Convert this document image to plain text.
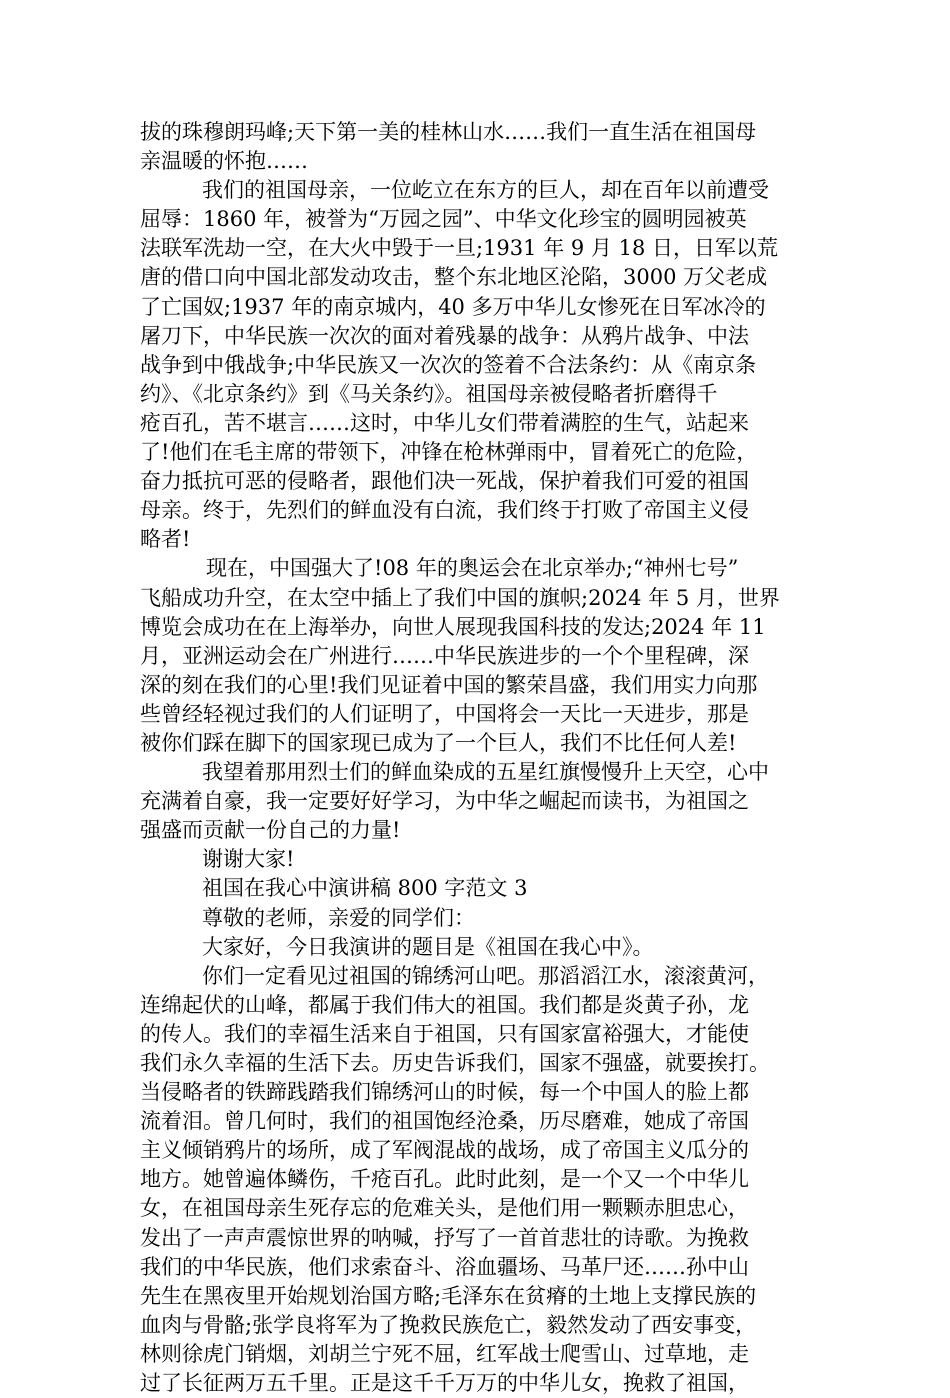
拔的珠穆朗玛峰;天下第一美的桂林山水……我们一直生活在祖国母
亲温暖的怀抱……
我们的祖国母亲，一位屹立在东方的巨人，却在百年以前遭受
屈辱：1860 年，被誉为“万园之园”、中华文化珍宝的圆明园被英
法联军洗劫一空，在大火中毁于一旦;1931 年 9 月 18 日，日军以荒
唐的借口向中国北部发动攻击，整个东北地区沦陷，3000 万父老成
了亡国奴;1937 年的南京城内，40 多万中华儿女惨死在日军冰冷的
屠刀下，中华民族一次次的面对着残暴的战争：从鸦片战争、中法
战争到中俄战争;中华民族又一次次的签着不合法条约：从《南京条
约》、《北京条约》到《马关条约》。祖国母亲被侵略者折磨得千
疮百孔，苦不堪言……这时，中华儿女们带着满腔的生气，站起来
了!他们在毛主席的带领下，冲锋在枪林弹雨中，冒着死亡的危险，
奋力抵抗可恶的侵略者，跟他们决一死战，保护着我们可爱的祖国
母亲。终于，先烈们的鲜血没有白流，我们终于打败了帝国主义侵
略者!
现在，中国强大了!08 年的奥运会在北京举办;“神州七号”
飞船成功升空，在太空中插上了我们中国的旗帜;2024 年 5 月，世界
博览会成功在在上海举办，向世人展现我国科技的发达;2024 年 11
月，亚洲运动会在广州进行……中华民族进步的一个个里程碑，深
深的刻在我们的心里!我们见证着中国的繁荣昌盛，我们用实力向那
些曾经轻视过我们的人们证明了，中国将会一天比一天进步，那是
被你们踩在脚下的国家现已成为了一个巨人，我们不比任何人差!
我望着那用烈士们的鲜血染成的五星红旗慢慢升上天空，心中
充满着自豪，我一定要好好学习，为中华之崛起而读书，为祖国之
强盛而贡献一份自己的力量!
谢谢大家!
祖国在我心中演讲稿 800 字范文 3
尊敬的老师，亲爱的同学们：
大家好，今日我演讲的题目是《祖国在我心中》。
你们一定看见过祖国的锦绣河山吧。那滔滔江水，滚滚黄河，
连绵起伏的山峰，都属于我们伟大的祖国。我们都是炎黄子孙，龙
的传人。我们的幸福生活来自于祖国，只有国家富裕强大，才能使
我们永久幸福的生活下去。历史告诉我们，国家不强盛，就要挨打。
当侵略者的铁蹄践踏我们锦绣河山的时候，每一个中国人的脸上都
流着泪。曾几何时，我们的祖国饱经沧桑，历尽磨难，她成了帝国
主义倾销鸦片的场所，成了军阀混战的战场，成了帝国主义瓜分的
地方。她曾遍体鳞伤，千疮百孔。此时此刻，是一个又一个中华儿
女，在祖国母亲生死存忘的危难关头，是他们用一颗颗赤胆忠心，
发出了一声声震惊世界的呐喊，抒写了一首首悲壮的诗歌。为挽救
我们的中华民族，他们求索奋斗、浴血疆场、马革尸还……孙中山
先生在黑夜里开始规划治国方略;毛泽东在贫瘠的土地上支撑民族的
血肉与骨骼;张学良将军为了挽救民族危亡，毅然发动了西安事变，
林则徐虎门销烟，刘胡兰宁死不屈，红军战士爬雪山、过草地，走
过了长征两万五千里。正是这千千万万的中华儿女，挽救了祖国，
